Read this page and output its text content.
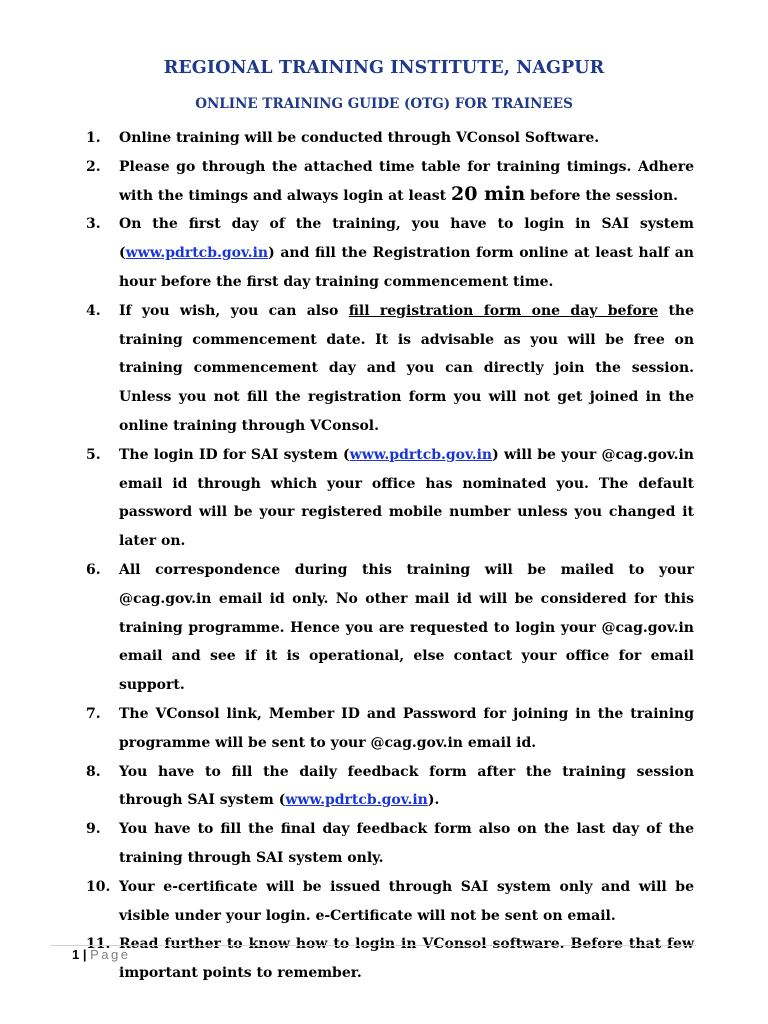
REGIONAL TRAINING INSTITUTE, NAGPUR
ONLINE TRAINING GUIDE (OTG) FOR TRAINEES
1.	Online training will be conducted through VConsol Software.
2.	Please go through the attached time table for training timings. Adhere with the timings and always login at least 20 min before the session.
3.	On the first day of the training, you have to login in SAI system (www.pdrtcb.gov.in) and fill the Registration form online at least half an hour before the first day training commencement time.
4.	If you wish, you can also fill registration form one day before the training commencement date. It is advisable as you will be free on training commencement day and you can directly join the session. Unless you not fill the registration form you will not get joined in the online training through VConsol.
5.	The login ID for SAI system (www.pdrtcb.gov.in) will be your @cag.gov.in email id through which your office has nominated you. The default password will be your registered mobile number unless you changed it later on.
6.	All correspondence during this training will be mailed to your @cag.gov.in email id only. No other mail id will be considered for this training programme. Hence you are requested to login your @cag.gov.in email and see if it is operational, else contact your office for email support.
7.	The VConsol link, Member ID and Password for joining in the training programme will be sent to your @cag.gov.in email id.
8.	You have to fill the daily feedback form after the training session through SAI system (www.pdrtcb.gov.in).
9.	You have to fill the final day feedback form also on the last day of the training through SAI system only.
10. Your e-certificate will be issued through SAI system only and will be visible under your login. e-Certificate will not be sent on email.
11. Read further to know how to login in VConsol software. Before that few important points to remember.
1 | Page
